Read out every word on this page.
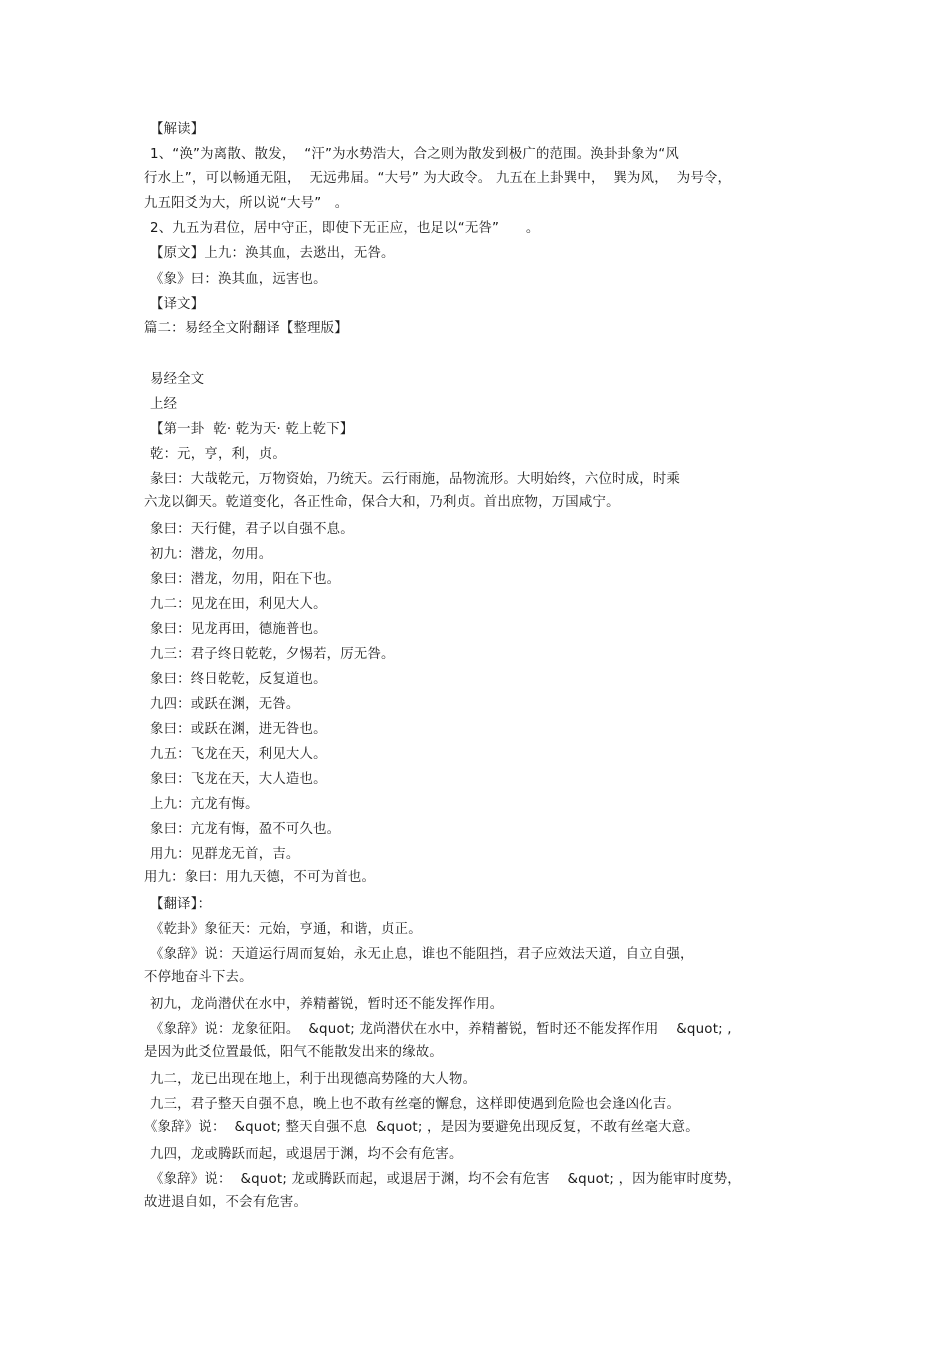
【解读】
1、“涣”为离散、散发，  “汗”为水势浩大，合之则为散发到极广的范围。涣卦卦象为“风
行水上”，可以畅通无阻，  无远弗届。“大号” 为大政令。 九五在上卦巽中，  巽为风，  为号令，
九五阳爻为大，所以说“大号”   。
2、九五为君位，居中守正，即使下无正应，也足以“无咎”      。
【原文】上九：涣其血，去逖出，无咎。
《象》曰：涣其血，远害也。
【译文】
篇二：易经全文附翻译【整理版】
易经全文
上经
【第一卦  乾· 乾为天· 乾上乾下】
乾：元，亨，利，贞。
彖曰：大哉乾元，万物资始，乃统天。云行雨施，品物流形。大明始终，六位时成，时乘
六龙以御天。乾道变化，各正性命，保合大和，乃利贞。首出庶物，万国咸宁。
象曰：天行健，君子以自强不息。
初九：潜龙，勿用。
象曰：潜龙，勿用，阳在下也。
九二：见龙在田，利见大人。
象曰：见龙再田，德施普也。
九三：君子终日乾乾，夕惕若，厉无咎。
象曰：终日乾乾，反复道也。
九四：或跃在渊，无咎。
象曰：或跃在渊，进无咎也。
九五：飞龙在天，利见大人。
象曰：飞龙在天，大人造也。
上九：亢龙有悔。
象曰：亢龙有悔，盈不可久也。
用九：见群龙无首，吉。
用九：象曰：用九天德，不可为首也。
【翻译】：
《乾卦》象征天：元始，亨通，和谐，贞正。
《象辞》说：天道运行周而复始，永无止息，谁也不能阻挡，君子应效法天道，自立自强，
不停地奋斗下去。
初九，龙尚潜伏在水中，养精蓄锐，暂时还不能发挥作用。
《象辞》说：龙象征阳。  &quot; 龙尚潜伏在水中，养精蓄锐，暂时还不能发挥作用    &quot; ,
是因为此爻位置最低，阳气不能散发出来的缘故。
九二，龙已出现在地上，利于出现德高势隆的大人物。
九三，君子整天自强不息，晚上也不敢有丝毫的懈怠，这样即使遇到危险也会逢凶化吉。
《象辞》说：  &quot; 整天自强不息  &quot; ，是因为要避免出现反复，不敢有丝毫大意。
九四，龙或腾跃而起，或退居于渊，均不会有危害。
《象辞》说：  &quot; 龙或腾跃而起，或退居于渊，均不会有危害    &quot; ，因为能审时度势，
故进退自如，不会有危害。
